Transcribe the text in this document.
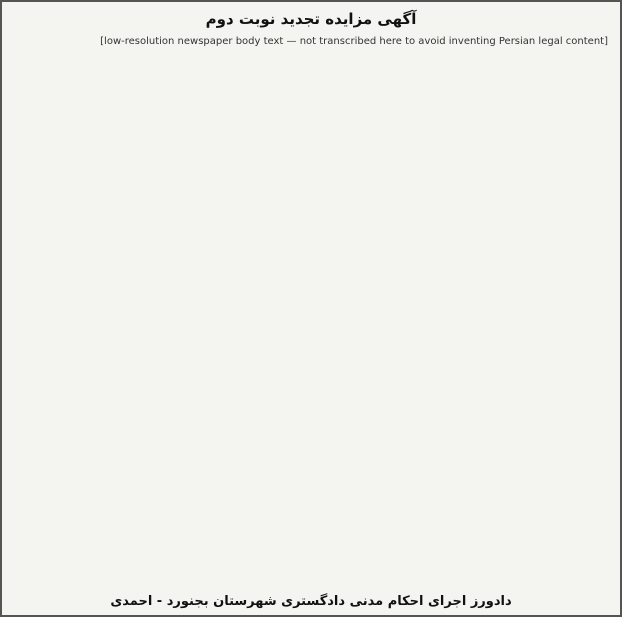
آگهی مزایده تجدید نوبت دوم
[low-resolution newspaper body text — not transcribed here to avoid inventing Persian legal content]
دادورز اجرای احکام مدنی دادگستری شهرستان بجنورد - احمدی
